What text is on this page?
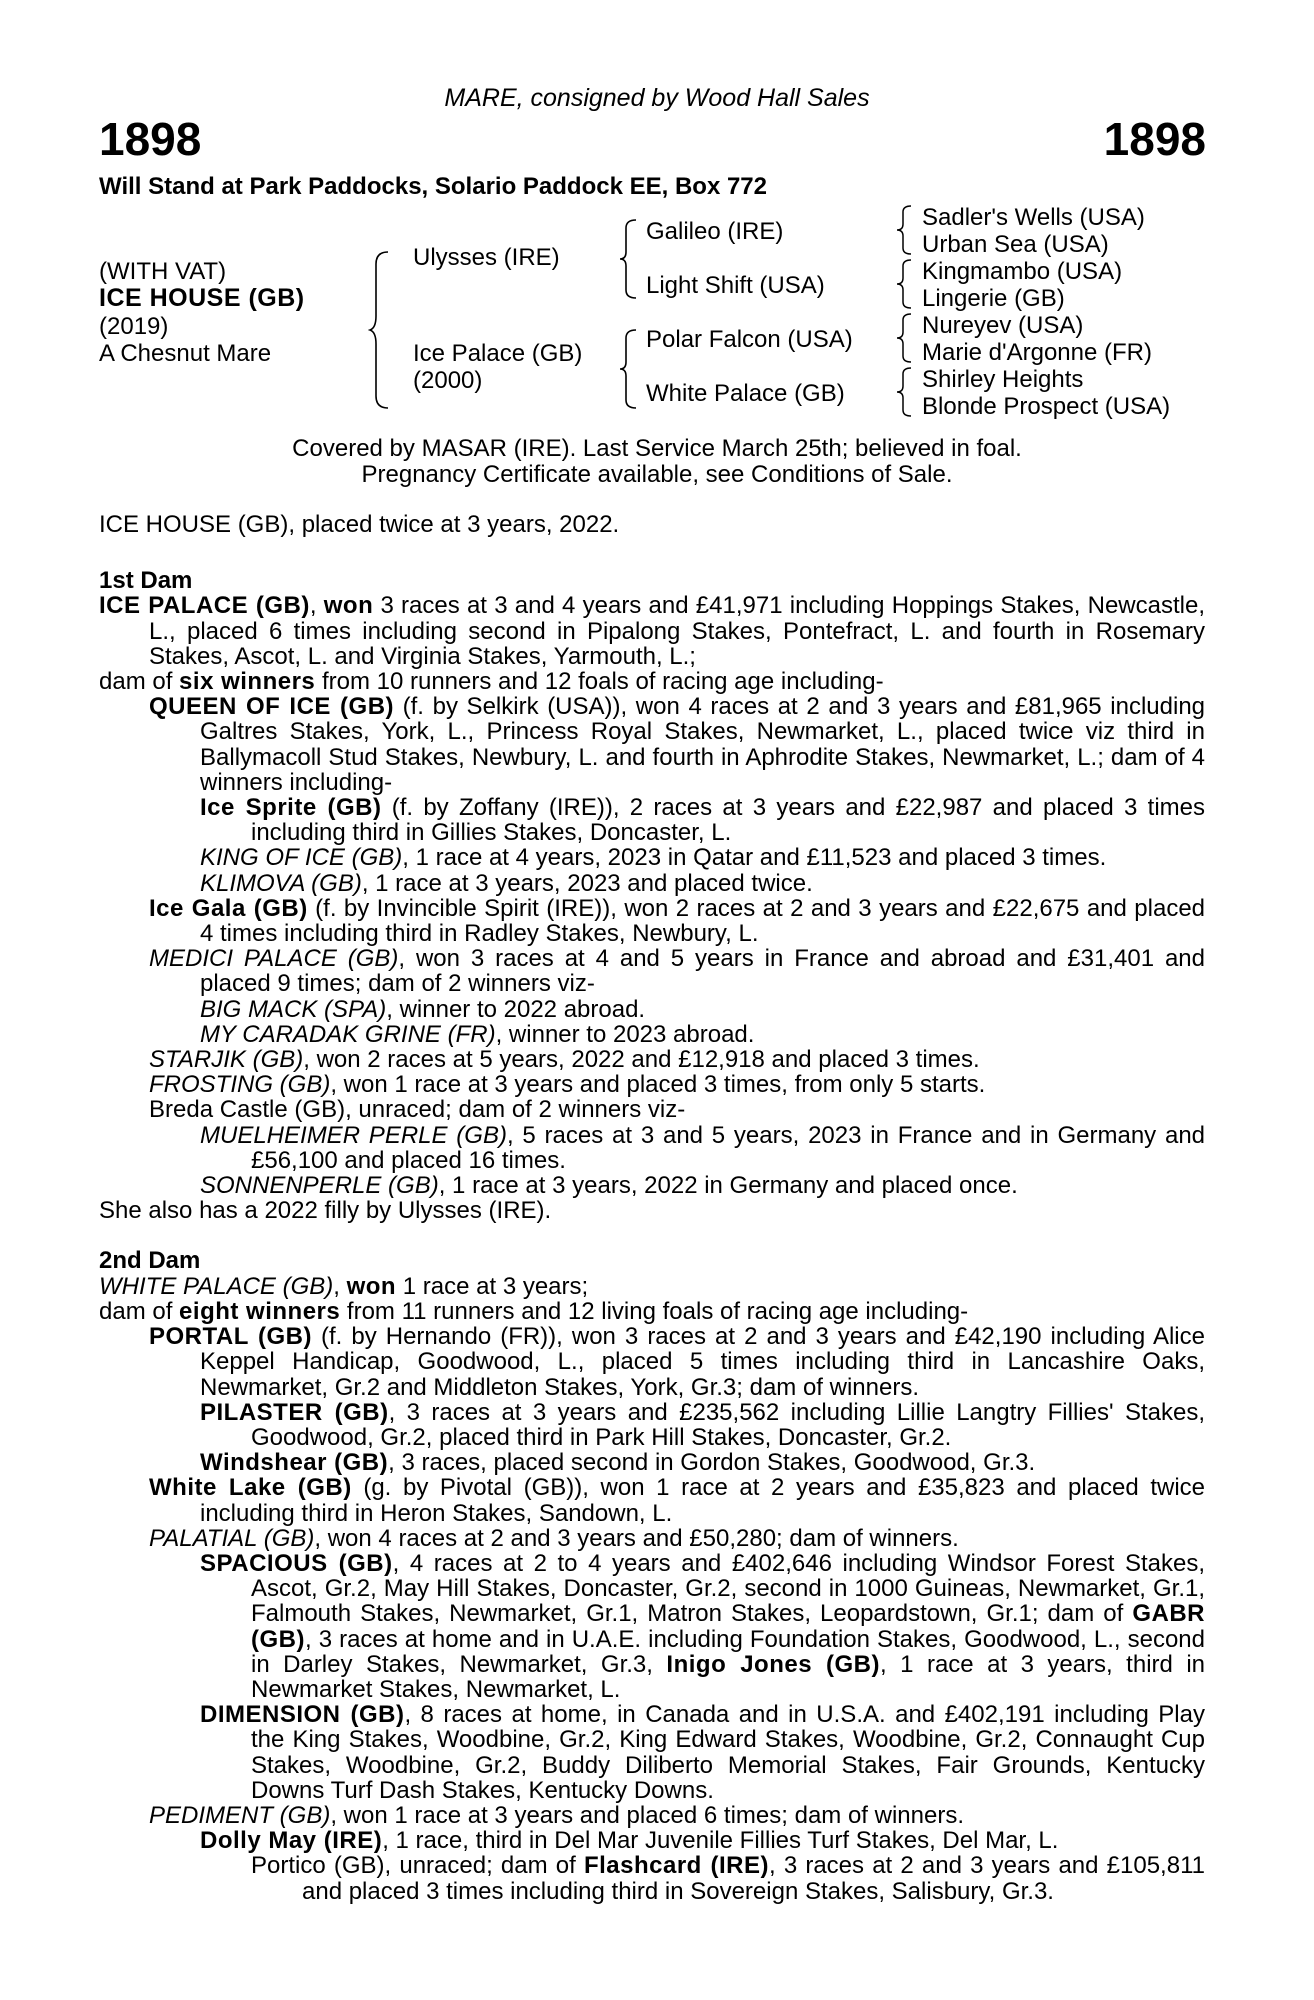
MARE, consigned by Wood Hall Sales
1898	1898
Will Stand at Park Paddocks, Solario Paddock EE, Box 772
(WITH VAT)
ICE HOUSE (GB)
(2019)
A Chesnut Mare
Ulysses (IRE)
Ice Palace (GB)
(2000)
Galileo (IRE)
Light Shift (USA)
Polar Falcon (USA)
White Palace (GB)
Sadler's Wells (USA)
Urban Sea (USA)
Kingmambo (USA)
Lingerie (GB)
Nureyev (USA)
Marie d'Argonne (FR)
Shirley Heights
Blonde Prospect (USA)
Covered by MASAR (IRE). Last Service March 25th; believed in foal.
Pregnancy Certificate available, see Conditions of Sale.

ICE HOUSE (GB), placed twice at 3 years, 2022.

1st Dam

ICE PALACE (GB), won 3 races at 3 and 4 years and £41,971 including Hoppings Stakes, Newcastle, L., placed 6 times including second in Pipalong Stakes, Pontefract, L. and fourth in Rosemary Stakes, Ascot, L. and Virginia Stakes, Yarmouth, L.;

dam of six winners from 10 runners and 12 foals of racing age including-

QUEEN OF ICE (GB) (f. by Selkirk (USA)), won 4 races at 2 and 3 years and £81,965 including Galtres Stakes, York, L., Princess Royal Stakes, Newmarket, L., placed twice viz third in Ballymacoll Stud Stakes, Newbury, L. and fourth in Aphrodite Stakes, Newmarket, L.; dam of 4 winners including-

Ice Sprite (GB) (f. by Zoffany (IRE)), 2 races at 3 years and £22,987 and placed 3 times including third in Gillies Stakes, Doncaster, L.

KING OF ICE (GB), 1 race at 4 years, 2023 in Qatar and £11,523 and placed 3 times.

KLIMOVA (GB), 1 race at 3 years, 2023 and placed twice.

Ice Gala (GB) (f. by Invincible Spirit (IRE)), won 2 races at 2 and 3 years and £22,675 and placed 4 times including third in Radley Stakes, Newbury, L.

MEDICI PALACE (GB), won 3 races at 4 and 5 years in France and abroad and £31,401 and placed 9 times; dam of 2 winners viz-

BIG MACK (SPA), winner to 2022 abroad.

MY CARADAK GRINE (FR), winner to 2023 abroad.

STARJIK (GB), won 2 races at 5 years, 2022 and £12,918 and placed 3 times.

FROSTING (GB), won 1 race at 3 years and placed 3 times, from only 5 starts.

Breda Castle (GB), unraced; dam of 2 winners viz-

MUELHEIMER PERLE (GB), 5 races at 3 and 5 years, 2023 in France and in Germany and £56,100 and placed 16 times.

SONNENPERLE (GB), 1 race at 3 years, 2022 in Germany and placed once.

She also has a 2022 filly by Ulysses (IRE).

2nd Dam

WHITE PALACE (GB), won 1 race at 3 years;

dam of eight winners from 11 runners and 12 living foals of racing age including-

PORTAL (GB) (f. by Hernando (FR)), won 3 races at 2 and 3 years and £42,190 including Alice Keppel Handicap, Goodwood, L., placed 5 times including third in Lancashire Oaks, Newmarket, Gr.2 and Middleton Stakes, York, Gr.3; dam of winners.

PILASTER (GB), 3 races at 3 years and £235,562 including Lillie Langtry Fillies' Stakes, Goodwood, Gr.2, placed third in Park Hill Stakes, Doncaster, Gr.2.

Windshear (GB), 3 races, placed second in Gordon Stakes, Goodwood, Gr.3.

White Lake (GB) (g. by Pivotal (GB)), won 1 race at 2 years and £35,823 and placed twice including third in Heron Stakes, Sandown, L.

PALATIAL (GB), won 4 races at 2 and 3 years and £50,280; dam of winners.

SPACIOUS (GB), 4 races at 2 to 4 years and £402,646 including Windsor Forest Stakes, Ascot, Gr.2, May Hill Stakes, Doncaster, Gr.2, second in 1000 Guineas, Newmarket, Gr.1, Falmouth Stakes, Newmarket, Gr.1, Matron Stakes, Leopardstown, Gr.1; dam of GABR (GB), 3 races at home and in U.A.E. including Foundation Stakes, Goodwood, L., second in Darley Stakes, Newmarket, Gr.3, Inigo Jones (GB), 1 race at 3 years, third in Newmarket Stakes, Newmarket, L.

DIMENSION (GB), 8 races at home, in Canada and in U.S.A. and £402,191 including Play the King Stakes, Woodbine, Gr.2, King Edward Stakes, Woodbine, Gr.2, Connaught Cup Stakes, Woodbine, Gr.2, Buddy Diliberto Memorial Stakes, Fair Grounds, Kentucky Downs Turf Dash Stakes, Kentucky Downs.

PEDIMENT (GB), won 1 race at 3 years and placed 6 times; dam of winners.

Dolly May (IRE), 1 race, third in Del Mar Juvenile Fillies Turf Stakes, Del Mar, L.

Portico (GB), unraced; dam of Flashcard (IRE), 3 races at 2 and 3 years and £105,811 and placed 3 times including third in Sovereign Stakes, Salisbury, Gr.3.
